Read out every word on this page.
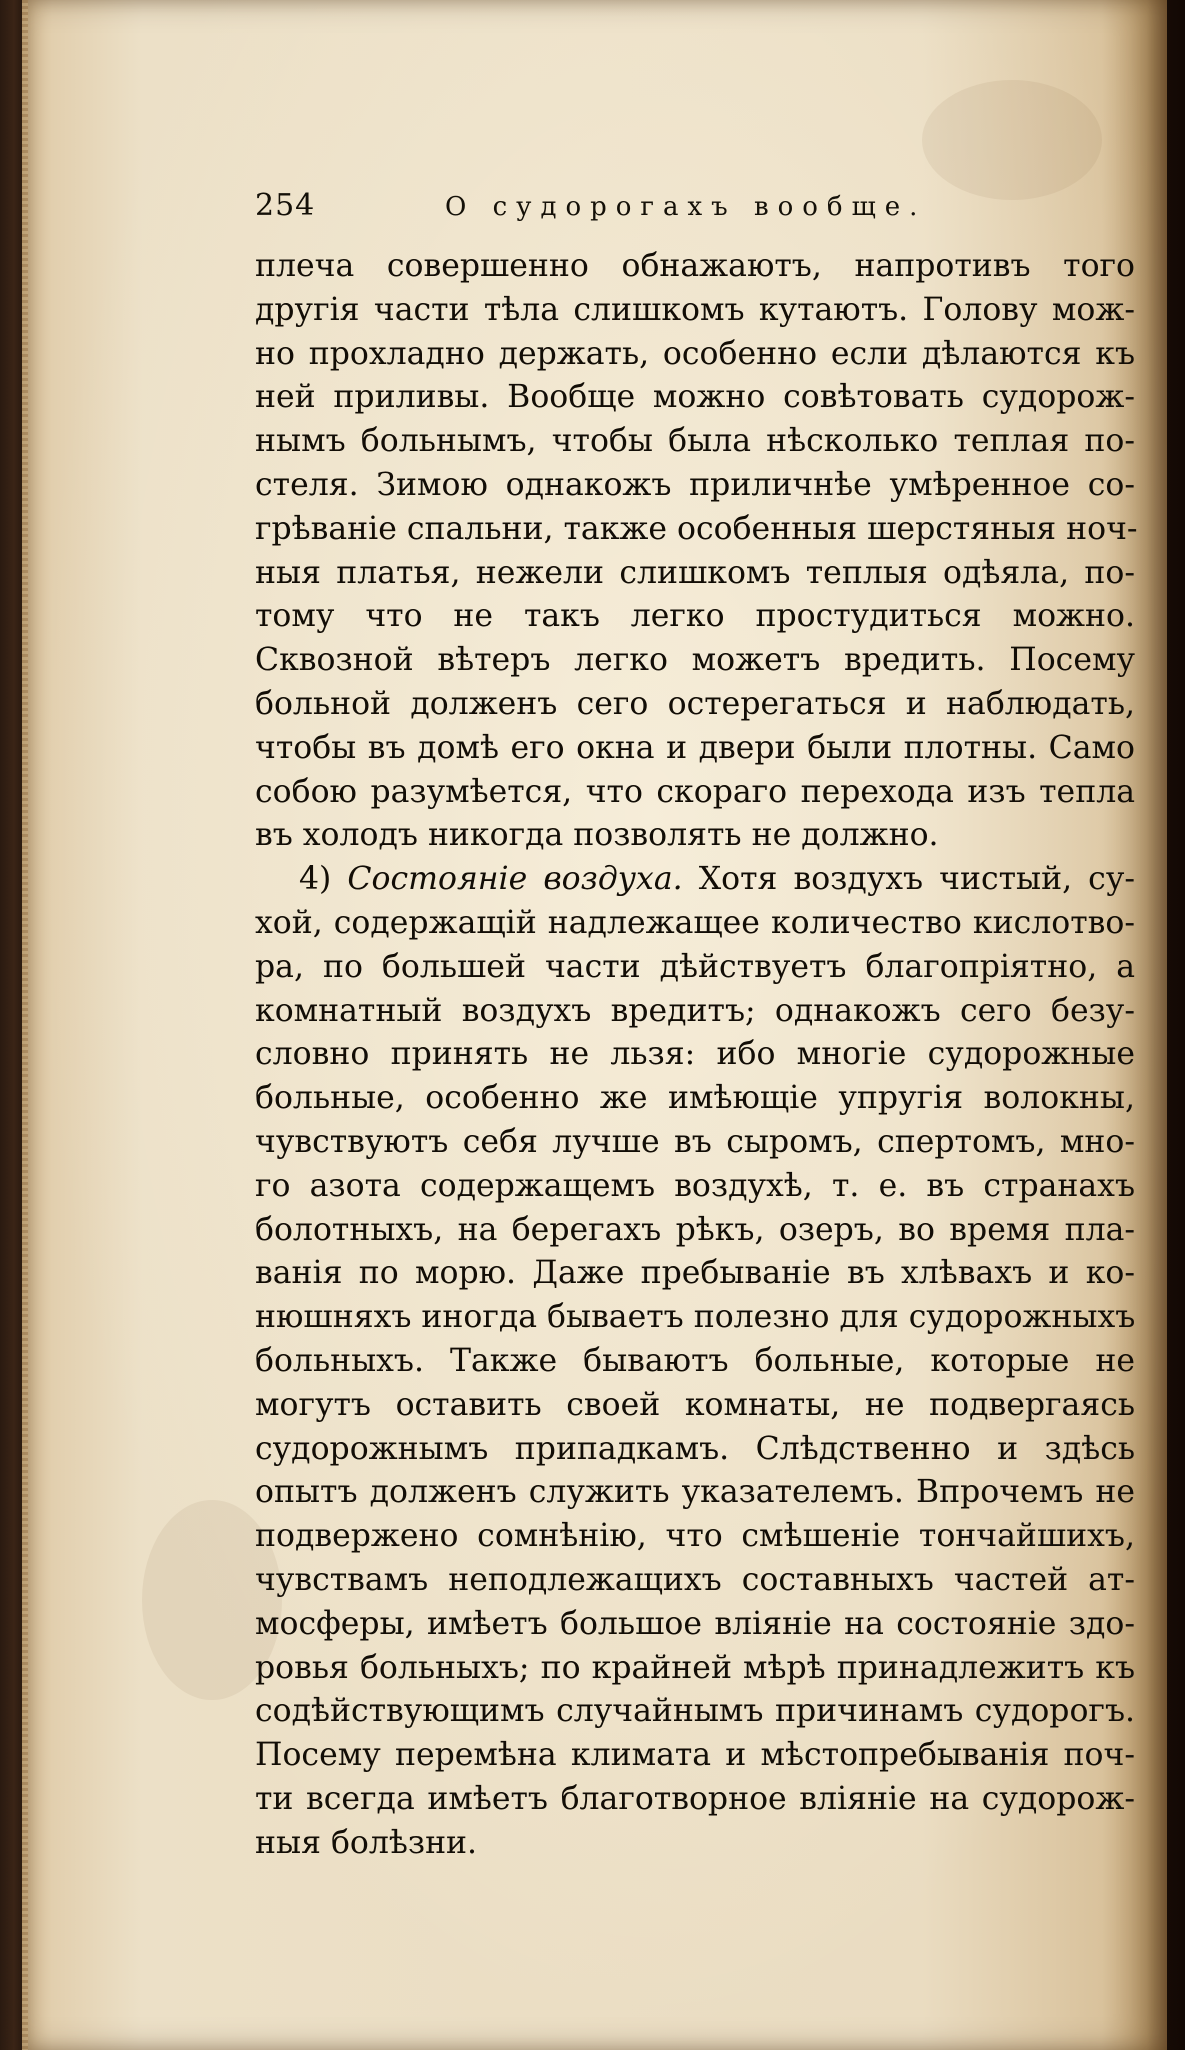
254	О судорогахъ вообще.
плеча совершенно обнажаютъ, напротивъ того
другія части тѣла слишкомъ кутаютъ. Голову мож-
но прохладно держать, особенно если дѣлаются къ
ней приливы. Вообще можно совѣтовать судорож-
нымъ больнымъ, чтобы была нѣсколько теплая по-
стеля. Зимою однакожъ приличнѣе умѣренное со-
грѣваніе спальни, также особенныя шерстяныя ноч-
ныя платья, нежели слишкомъ теплыя одѣяла, по-
тому что не такъ легко простудиться можно.
Сквозной вѣтеръ легко можетъ вредить. Посему
больной долженъ сего остерегаться и наблюдать,
чтобы въ домѣ его окна и двери были плотны. Само
собою разумѣется, что скораго перехода изъ тепла
въ холодъ никогда позволять не должно.
4) Состояніе воздуха. Хотя воздухъ чистый, су-
хой, содержащій надлежащее количество кислотво-
ра, по большей части дѣйствуетъ благопріятно, а
комнатный воздухъ вредитъ; однакожъ сего безу-
словно принять не льзя: ибо многіе судорожные
больные, особенно же имѣющіе упругія волокны,
чувствуютъ себя лучше въ сыромъ, спертомъ, мно-
го азота содержащемъ воздухѣ, т. е. въ странахъ
болотныхъ, на берегахъ рѣкъ, озеръ, во время пла-
ванія по морю. Даже пребываніе въ хлѣвахъ и ко-
нюшняхъ иногда бываетъ полезно для судорожныхъ
больныхъ. Также бываютъ больные, которые не
могутъ оставить своей комнаты, не подвергаясь
судорожнымъ припадкамъ. Слѣдственно и здѣсь
опытъ долженъ служить указателемъ. Впрочемъ не
подвержено сомнѣнію, что смѣшеніе тончайшихъ,
чувствамъ неподлежащихъ составныхъ частей ат-
мосферы, имѣетъ большое вліяніе на состояніе здо-
ровья больныхъ; по крайней мѣрѣ принадлежитъ къ
содѣйствующимъ случайнымъ причинамъ судорогъ.
Посему перемѣна климата и мѣстопребыванія поч-
ти всегда имѣетъ благотворное вліяніе на судорож-
ныя болѣзни.
